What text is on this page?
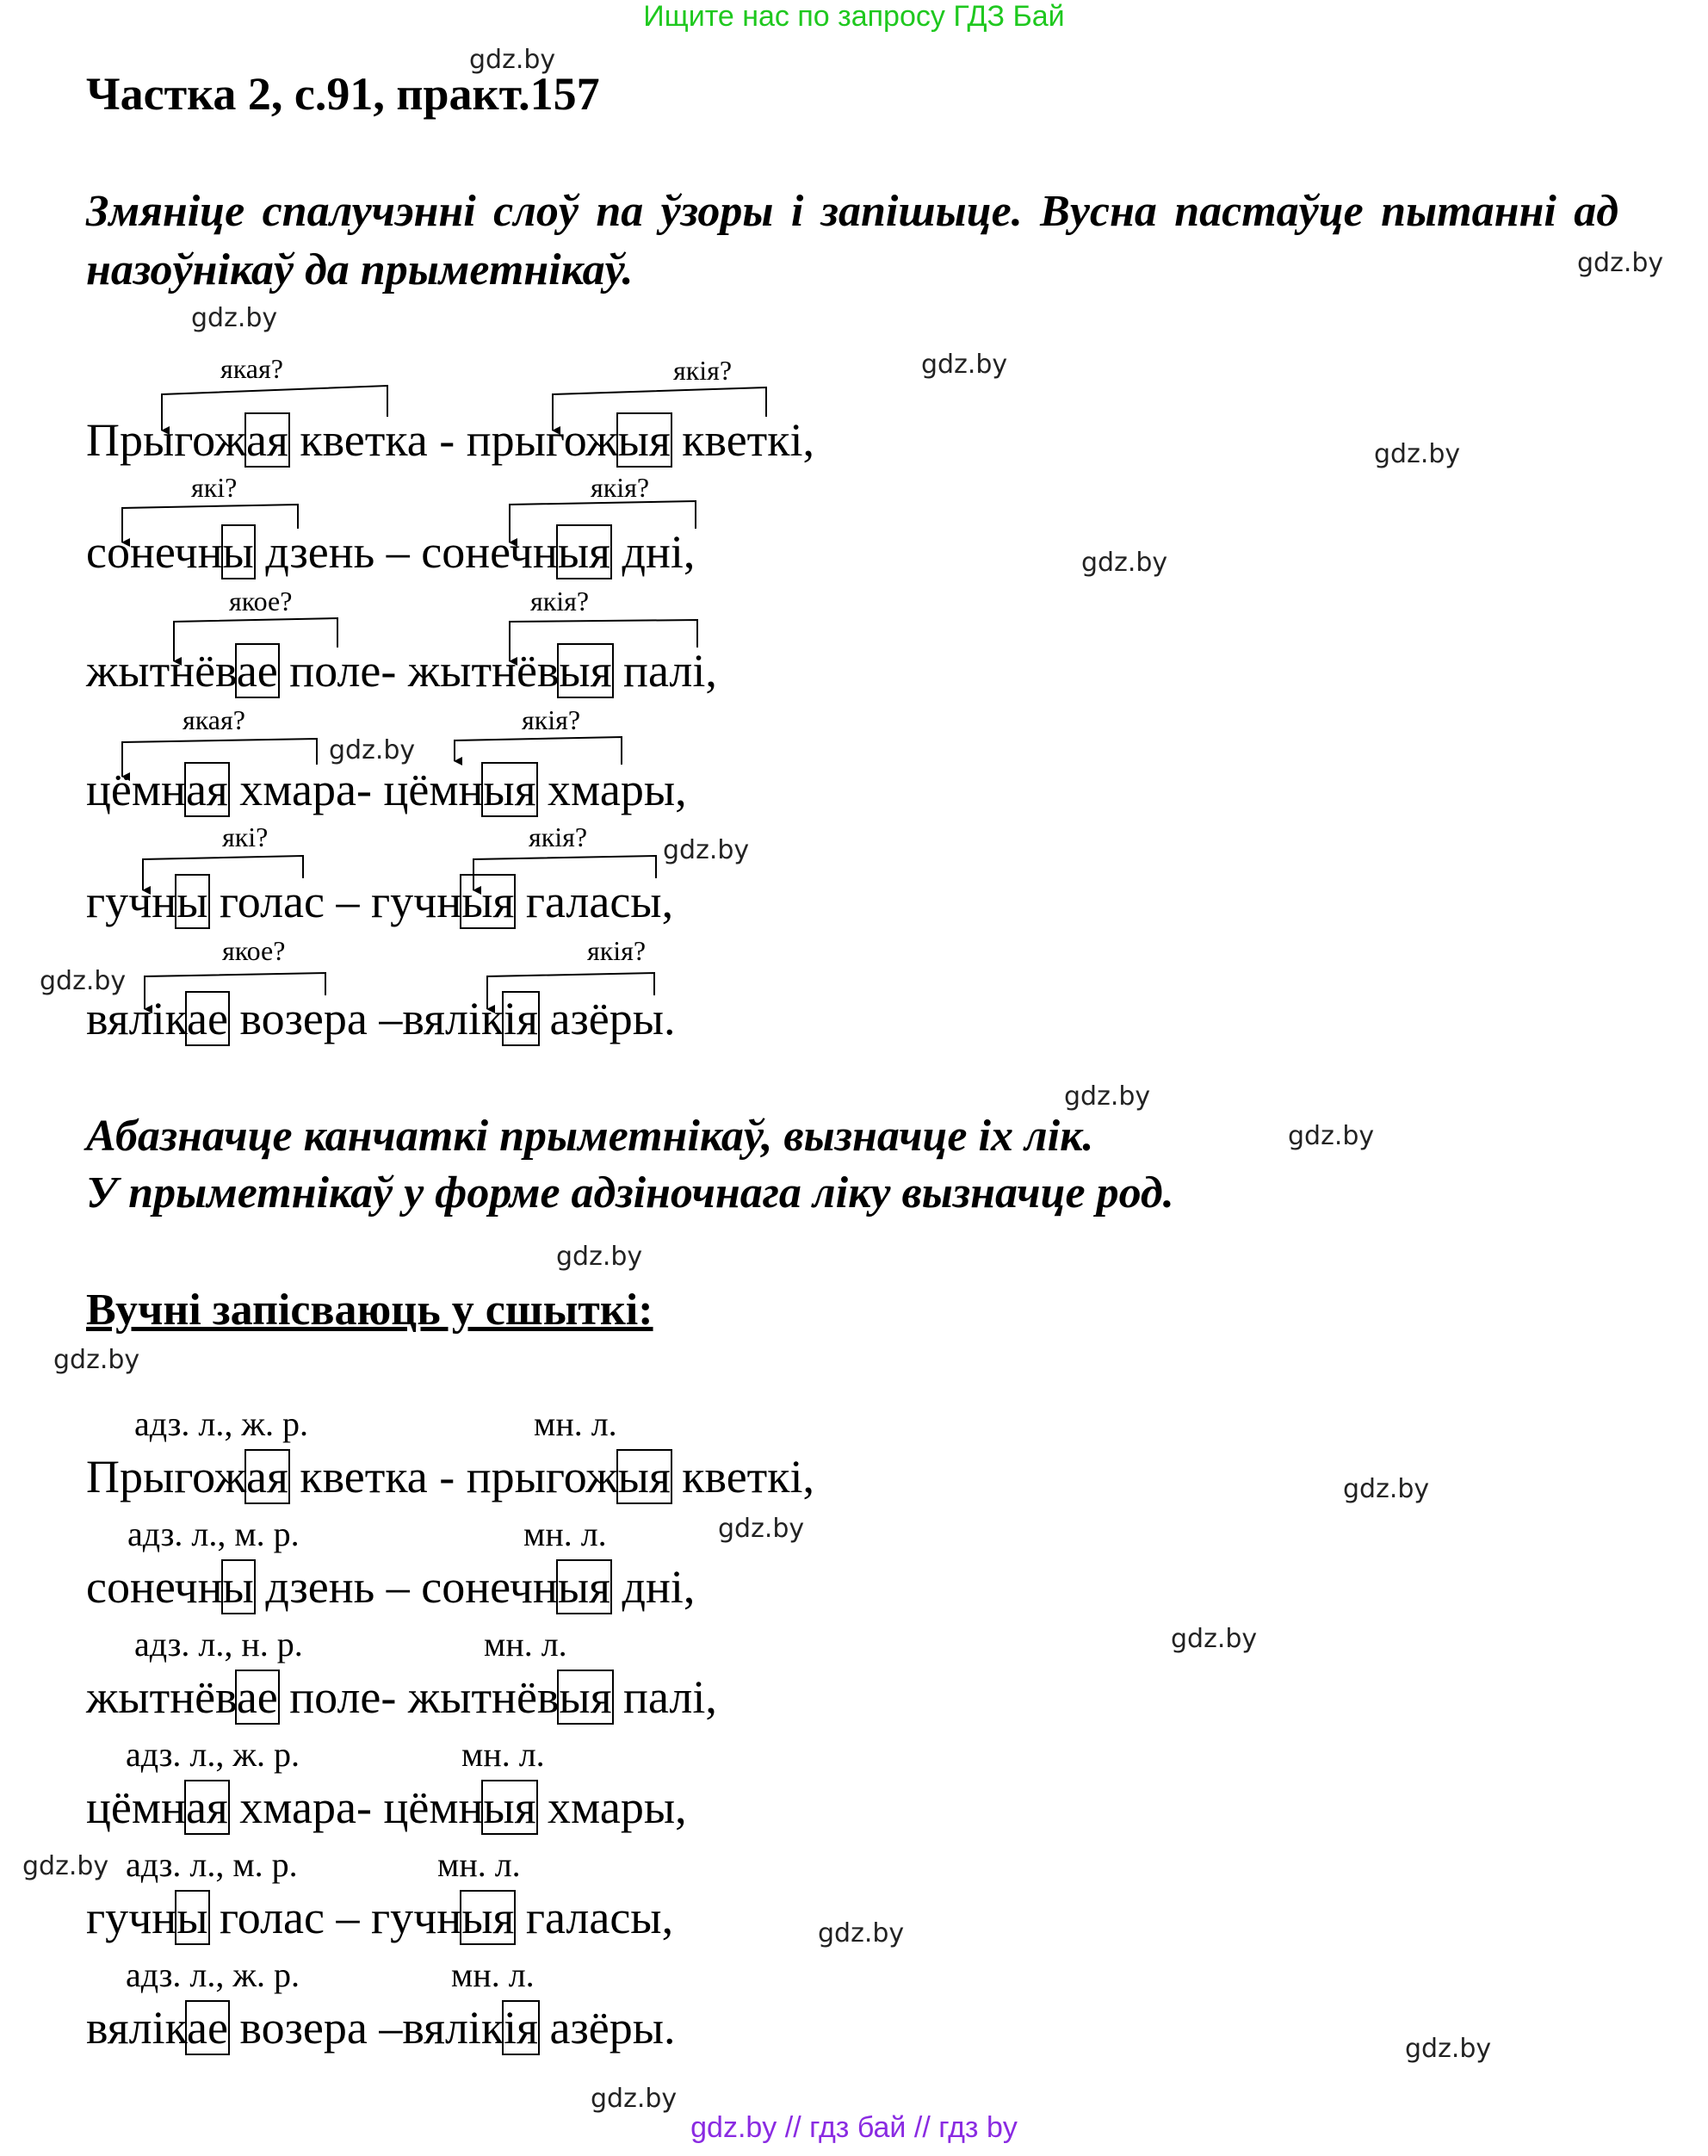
Ищите нас по запросу ГДЗ Бай
gdz.by
gdz.by
gdz.by
gdz.by
gdz.by
gdz.by
gdz.by
gdz.by
gdz.by
gdz.by
gdz.by
gdz.by
gdz.by
gdz.by
gdz.by
gdz.by
gdz.by
gdz.by
gdz.by
gdz.by
Частка 2, с.91, практ.157
Змяніце спалучэнні слоў па ўзоры і запішыце. Вусна пастаўце пытанні ад назоўнікаў да прыметнікаў.
якая?	якія?
які?	якія?
якое?	якія?
якая?	якія?
які?	якія?
якое?	якія?
Прыгожая кветка - прыгожыя кветкі,
сонечны дзень – сонечныя дні,
жытнёвае поле- жытнёвыя палі,
цёмная хмара- цёмныя хмары,
гучны голас – гучныя галасы,
вялікае возера –вялікія азёры.
Абазначце канчаткі прыметнікаў, вызначце іх лік.
У прыметнікаў у форме адзіночнага ліку вызначце род.
Вучні запісваюць у сшыткі:
адз. л., ж. р.	мн. л.
адз. л., м. р.	мн. л.
адз. л., н. р.	мн. л.
адз. л., ж. р.	мн. л.
адз. л., м. р.	мн. л.
адз. л., ж. р.	мн. л.
Прыгожая кветка - прыгожыя кветкі,
сонечны дзень – сонечныя дні,
жытнёвае поле- жытнёвыя палі,
цёмная хмара- цёмныя хмары,
гучны голас – гучныя галасы,
вялікае возера –вялікія азёры.
gdz.by // гдз бай // гдз by
